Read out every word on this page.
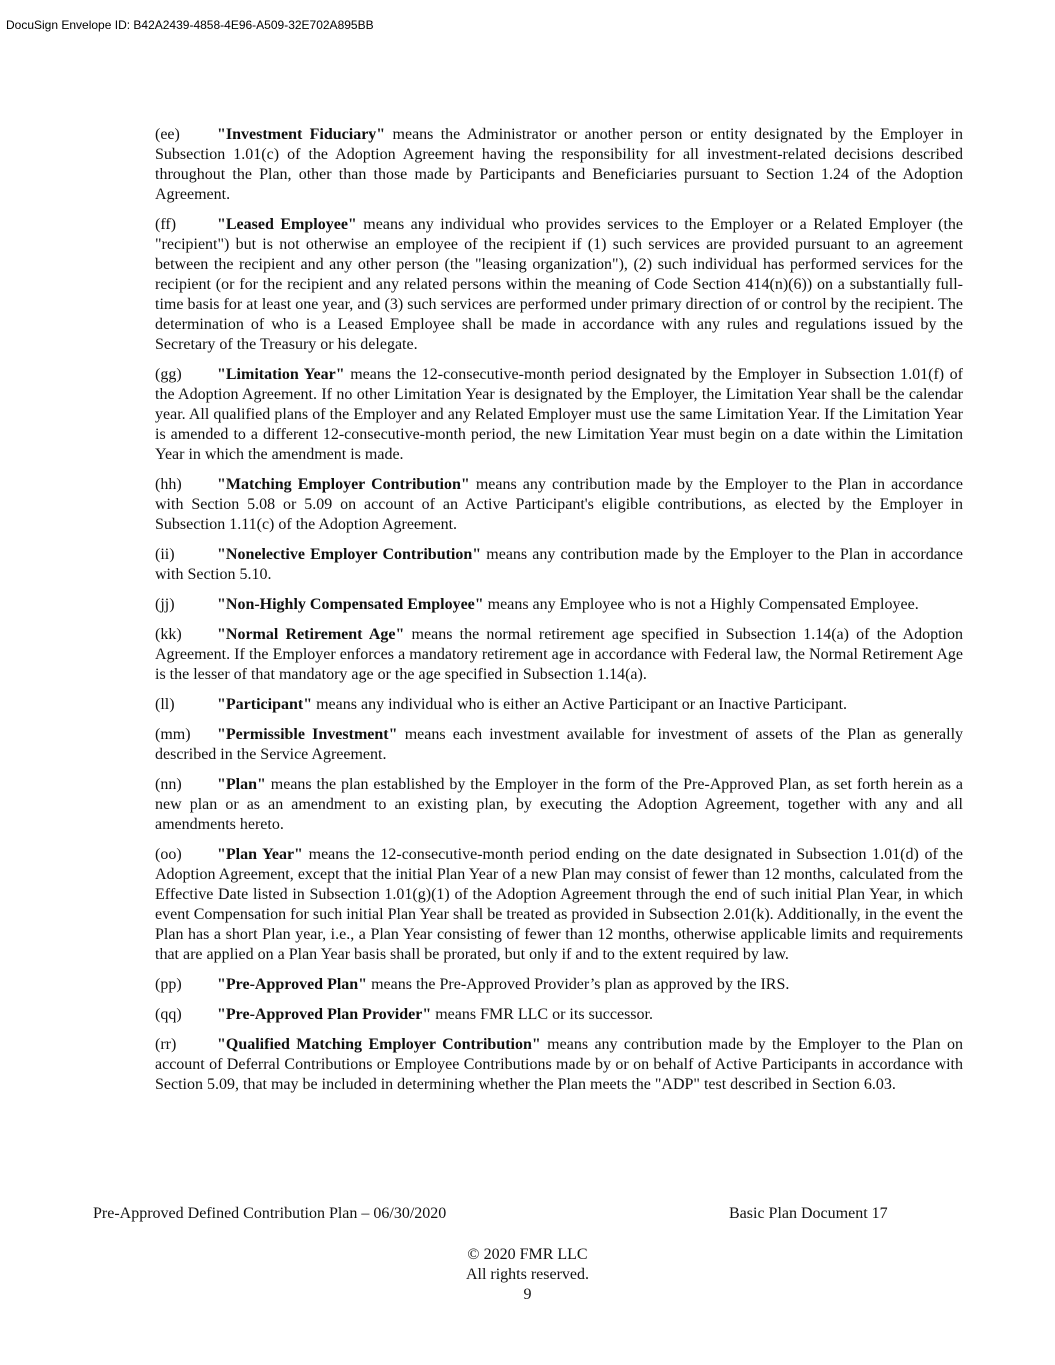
DocuSign Envelope ID: B42A2439-4858-4E96-A509-32E702A895BB

(ee) "Investment Fiduciary" means the Administrator or another person or entity designated by the Employer in Subsection 1.01(c) of the Adoption Agreement having the responsibility for all investment-related decisions described throughout the Plan, other than those made by Participants and Beneficiaries pursuant to Section 1.24 of the Adoption Agreement.

(ff)	"Leased Employee" means any individual who provides services to the Employer or a Related Employer (the "recipient") but is not otherwise an employee of the recipient if (1) such services are provided pursuant to an agreement between the recipient and any other person (the "leasing organization"), (2) such individual has performed services for the recipient (or for the recipient and any related persons within the meaning of Code Section 414(n)(6)) on a substantially full-time basis for at least one year, and (3) such services are performed under primary direction of or control by the recipient. The determination of who is a Leased Employee shall be made in accordance with any rules and regulations issued by the Secretary of the Treasury or his delegate.

(gg) "Limitation Year" means the 12-consecutive-month period designated by the Employer in Subsection 1.01(f) of the Adoption Agreement. If no other Limitation Year is designated by the Employer, the Limitation Year shall be the calendar year. All qualified plans of the Employer and any Related Employer must use the same Limitation Year. If the Limitation Year is amended to a different 12-consecutive-month period, the new Limitation Year must begin on a date within the Limitation Year in which the amendment is made.

(hh) "Matching Employer Contribution" means any contribution made by the Employer to the Plan in accordance with Section 5.08 or 5.09 on account of an Active Participant's eligible contributions, as elected by the Employer in Subsection 1.11(c) of the Adoption Agreement.

(ii)	"Nonelective Employer Contribution" means any contribution made by the Employer to the Plan in accordance with Section 5.10.

(jj)	"Non-Highly Compensated Employee" means any Employee who is not a Highly Compensated Employee.

(kk) "Normal Retirement Age" means the normal retirement age specified in Subsection 1.14(a) of the Adoption Agreement. If the Employer enforces a mandatory retirement age in accordance with Federal law, the Normal Retirement Age is the lesser of that mandatory age or the age specified in Subsection 1.14(a).

(ll)	"Participant" means any individual who is either an Active Participant or an Inactive Participant.

(mm) "Permissible Investment" means each investment available for investment of assets of the Plan as generally described in the Service Agreement.

(nn) "Plan" means the plan established by the Employer in the form of the Pre-Approved Plan, as set forth herein as a new plan or as an amendment to an existing plan, by executing the Adoption Agreement, together with any and all amendments hereto.

(oo) "Plan Year" means the 12-consecutive-month period ending on the date designated in Subsection 1.01(d) of the Adoption Agreement, except that the initial Plan Year of a new Plan may consist of fewer than 12 months, calculated from the Effective Date listed in Subsection 1.01(g)(1) of the Adoption Agreement through the end of such initial Plan Year, in which event Compensation for such initial Plan Year shall be treated as provided in Subsection 2.01(k). Additionally, in the event the Plan has a short Plan year, i.e., a Plan Year consisting of fewer than 12 months, otherwise applicable limits and requirements that are applied on a Plan Year basis shall be prorated, but only if and to the extent required by law.

(pp) "Pre-Approved Plan" means the Pre-Approved Provider’s plan as approved by the IRS.

(qq) "Pre-Approved Plan Provider" means FMR LLC or its successor.

(rr)	"Qualified Matching Employer Contribution" means any contribution made by the Employer to the Plan on account of Deferral Contributions or Employee Contributions made by or on behalf of Active Participants in accordance with Section 5.09, that may be included in determining whether the Plan meets the "ADP" test described in Section 6.03.

Pre-Approved Defined Contribution Plan – 06/30/2020	Basic Plan Document 17
© 2020 FMR LLC
All rights reserved.
9
